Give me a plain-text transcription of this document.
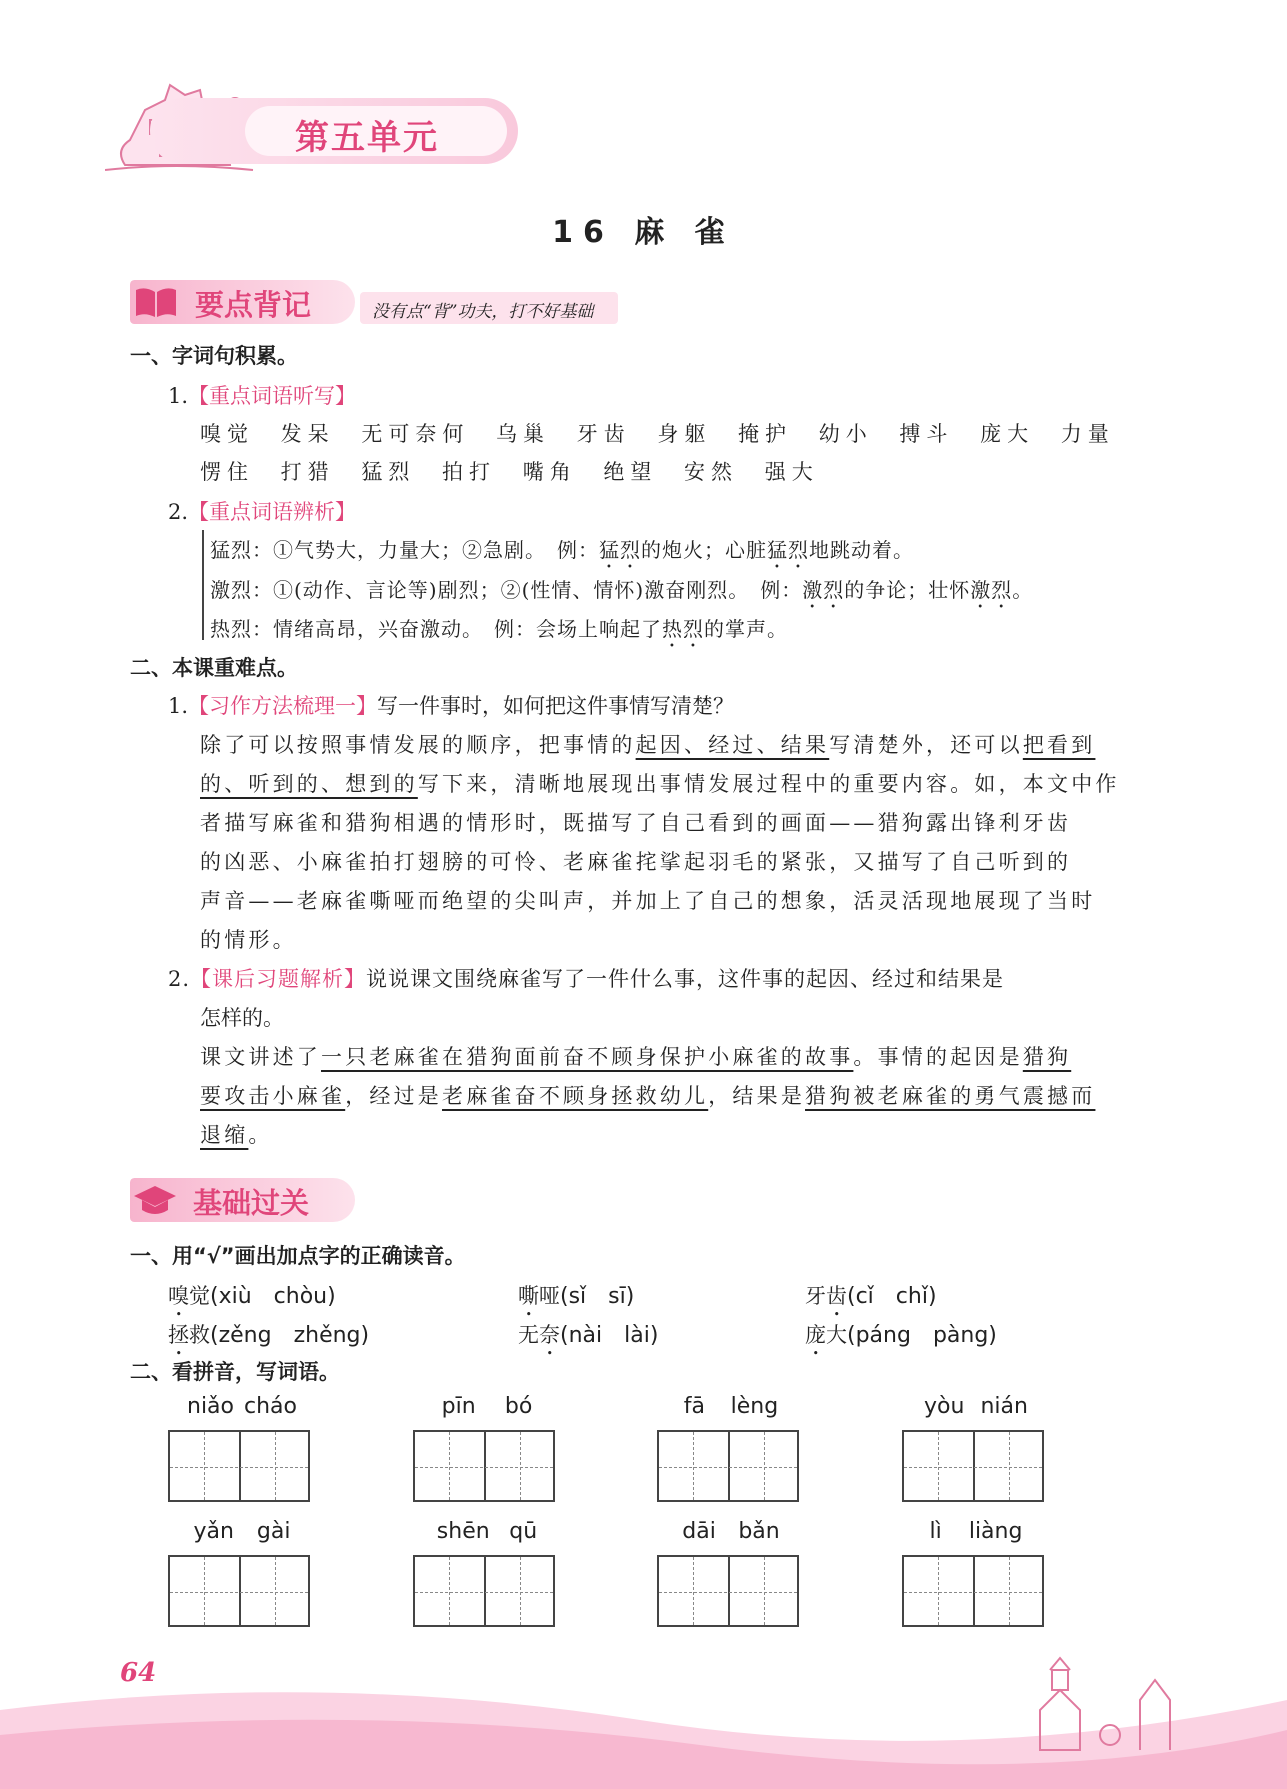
第五单元
16 麻 雀
要点背记	没有点“背”功夫，打不好基础
一、字词句积累。
1.【重点词语听写】
嗅觉 发呆 无可奈何 乌巢 牙齿 身躯 掩护 幼小 搏斗 庞大 力量
愣住 打猎 猛烈 拍打 嘴角 绝望 安然 强大
2.【重点词语辨析】
猛烈：①气势大，力量大；②急剧。　 例：猛烈的炮火；心脏猛烈地跳动着。
激烈：①(动作、言论等)剧烈；②(性情、情怀)激奋刚烈。　 例：激烈的争论；壮怀激烈。
热烈：情绪高昂，兴奋激动。　 例：会场上响起了热烈的掌声。
二、本课重难点。
1.【习作方法梳理一】写一件事时，如何把这件事情写清楚？
除了可以按照事情发展的顺序，把事情的起因、经过、结果写清楚外，还可以把看到
的、听到的、想到的写下来，清晰地展现出事情发展过程中的重要内容。如，本文中作
者描写麻雀和猎狗相遇的情形时，既描写了自己看到的画面——猎狗露出锋利牙齿
的凶恶、小麻雀拍打翅膀的可怜、老麻雀挓挲起羽毛的紧张，又描写了自己听到的
声音——老麻雀嘶哑而绝望的尖叫声，并加上了自己的想象，活灵活现地展现了当时
的情形。
2.【课后习题解析】说说课文围绕麻雀写了一件什么事，这件事的起因、经过和结果是
怎样的。
课文讲述了一只老麻雀在猎狗面前奋不顾身保护小麻雀的故事。事情的起因是猎狗
要攻击小麻雀，经过是老麻雀奋不顾身拯救幼儿，结果是猎狗被老麻雀的勇气震撼而
退缩。
基础过关
一、用“√”画出加点字的正确读音。
嗅觉(xiù　chòu)	嘶哑(sǐ　sī)	牙齿(cǐ　chǐ)
拯救(zěng　zhěng)	无奈(nài　lài)	庞大(páng　pàng)
二、看拼音，写词语。
niǎo cháo	pīn bó	fā lèng	yòu nián
yǎn gài	shēn qū	dāi bǎn	lì liàng
64
